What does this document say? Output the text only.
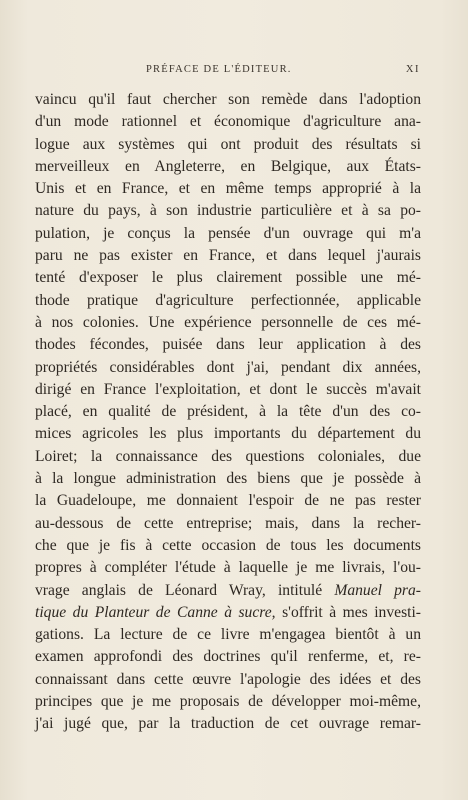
PRÉFACE DE L'ÉDITEUR.	XI
vaincu qu'il faut chercher son remède dans l'adoption
d'un mode rationnel et économique d'agriculture ana-
logue aux systèmes qui ont produit des résultats si
merveilleux en Angleterre, en Belgique, aux États-
Unis et en France, et en même temps approprié à la
nature du pays, à son industrie particulière et à sa po-
pulation, je conçus la pensée d'un ouvrage qui m'a
paru ne pas exister en France, et dans lequel j'aurais
tenté d'exposer le plus clairement possible une mé-
thode pratique d'agriculture perfectionnée, applicable
à nos colonies. Une expérience personnelle de ces mé-
thodes fécondes, puisée dans leur application à des
propriétés considérables dont j'ai, pendant dix années,
dirigé en France l'exploitation, et dont le succès m'avait
placé, en qualité de président, à la tête d'un des co-
mices agricoles les plus importants du département du
Loiret; la connaissance des questions coloniales, due
à la longue administration des biens que je possède à
la Guadeloupe, me donnaient l'espoir de ne pas rester
au-dessous de cette entreprise; mais, dans la recher-
che que je fis à cette occasion de tous les documents
propres à compléter l'étude à laquelle je me livrais, l'ou-
vrage anglais de Léonard Wray, intitulé Manuel pra-
tique du Planteur de Canne à sucre, s'offrit à mes investi-
gations. La lecture de ce livre m'engagea bientôt à un
examen approfondi des doctrines qu'il renferme, et, re-
connaissant dans cette œuvre l'apologie des idées et des
principes que je me proposais de développer moi-même,
j'ai jugé que, par la traduction de cet ouvrage remar-
